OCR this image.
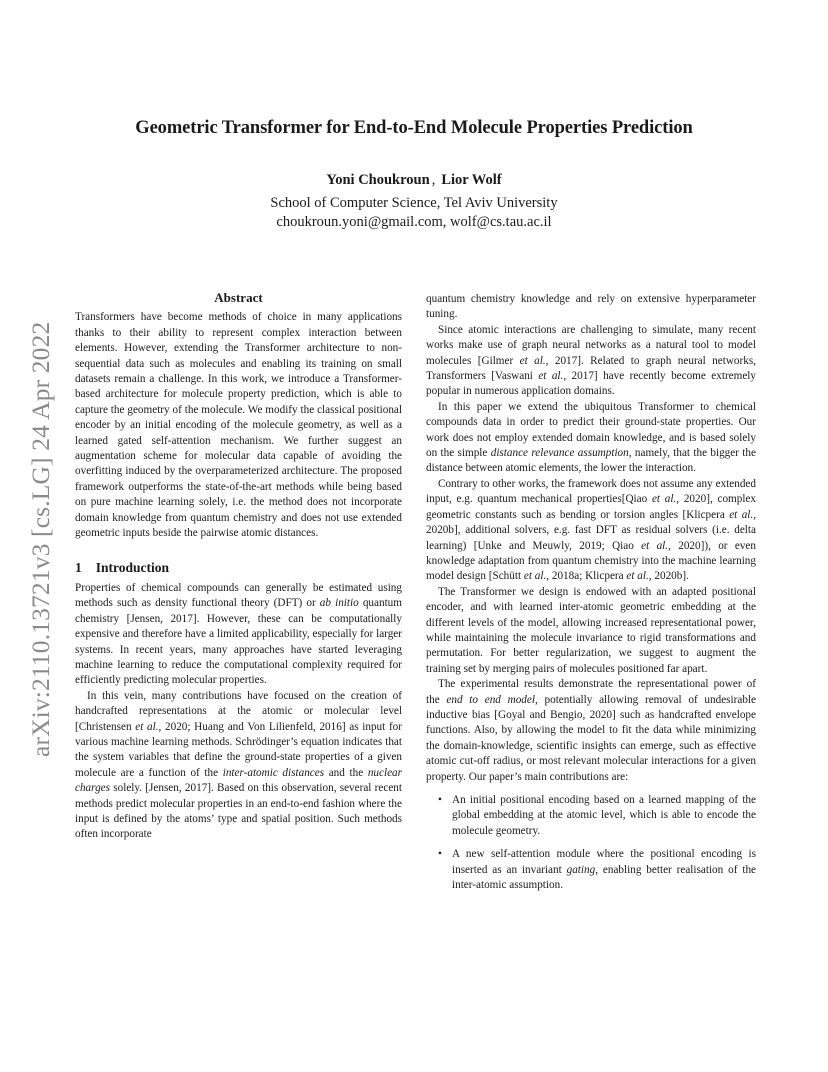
arXiv:2110.13721v3 [cs.LG] 24 Apr 2022
Geometric Transformer for End-to-End Molecule Properties Prediction
Yoni Choukroun , Lior Wolf
School of Computer Science, Tel Aviv University
choukroun.yoni@gmail.com, wolf@cs.tau.ac.il
Abstract

Transformers have become methods of choice in many applications thanks to their ability to represent complex interaction between elements. However, extending the Transformer architecture to non-sequential data such as molecules and enabling its training on small datasets remain a challenge. In this work, we introduce a Transformer-based architecture for molecule property prediction, which is able to capture the geometry of the molecule. We modify the classical positional encoder by an initial encoding of the molecule geometry, as well as a learned gated self-attention mechanism. We further suggest an augmentation scheme for molecular data capable of avoiding the overfitting induced by the overparameterized architecture. The proposed framework outperforms the state-of-the-art methods while being based on pure machine learning solely, i.e. the method does not incorporate domain knowledge from quantum chemistry and does not use extended geometric inputs beside the pairwise atomic distances.

1 Introduction

Properties of chemical compounds can generally be estimated using methods such as density functional theory (DFT) or ab initio quantum chemistry [Jensen, 2017]. However, these can be computationally expensive and therefore have a limited applicability, especially for larger systems. In recent years, many approaches have started leveraging machine learning to reduce the computational complexity required for efficiently predicting molecular properties.

In this vein, many contributions have focused on the creation of handcrafted representations at the atomic or molecular level [Christensen et al., 2020; Huang and Von Lilienfeld, 2016] as input for various machine learning methods. Schrödinger’s equation indicates that the system variables that define the ground-state properties of a given molecule are a function of the inter-atomic distances and the nuclear charges solely. [Jensen, 2017]. Based on this observation, several recent methods predict molecular properties in an end-to-end fashion where the input is defined by the atoms’ type and spatial position. Such methods often incorporate

quantum chemistry knowledge and rely on extensive hyperparameter tuning.

Since atomic interactions are challenging to simulate, many recent works make use of graph neural networks as a natural tool to model molecules [Gilmer et al., 2017]. Related to graph neural networks, Transformers [Vaswani et al., 2017] have recently become extremely popular in numerous application domains.

In this paper we extend the ubiquitous Transformer to chemical compounds data in order to predict their ground-state properties. Our work does not employ extended domain knowledge, and is based solely on the simple distance relevance assumption, namely, that the bigger the distance between atomic elements, the lower the interaction.

Contrary to other works, the framework does not assume any extended input, e.g. quantum mechanical properties[Qiao et al., 2020], complex geometric constants such as bending or torsion angles [Klicpera et al., 2020b], additional solvers, e.g. fast DFT as residual solvers (i.e. delta learning) [Unke and Meuwly, 2019; Qiao et al., 2020]), or even knowledge adaptation from quantum chemistry into the machine learning model design [Schütt et al., 2018a; Klicpera et al., 2020b].

The Transformer we design is endowed with an adapted positional encoder, and with learned inter-atomic geometric embedding at the different levels of the model, allowing increased representational power, while maintaining the molecule invariance to rigid transformations and permutation. For better regularization, we suggest to augment the training set by merging pairs of molecules positioned far apart.

The experimental results demonstrate the representational power of the end to end model, potentially allowing removal of undesirable inductive bias [Goyal and Bengio, 2020] such as handcrafted envelope functions. Also, by allowing the model to fit the data while minimizing the domain-knowledge, scientific insights can emerge, such as effective atomic cut-off radius, or most relevant molecular interactions for a given property. Our paper’s main contributions are:

• An initial positional encoding based on a learned mapping of the global embedding at the atomic level, which is able to encode the molecule geometry.
• A new self-attention module where the positional encoding is inserted as an invariant gating, enabling better realisation of the inter-atomic assumption.
